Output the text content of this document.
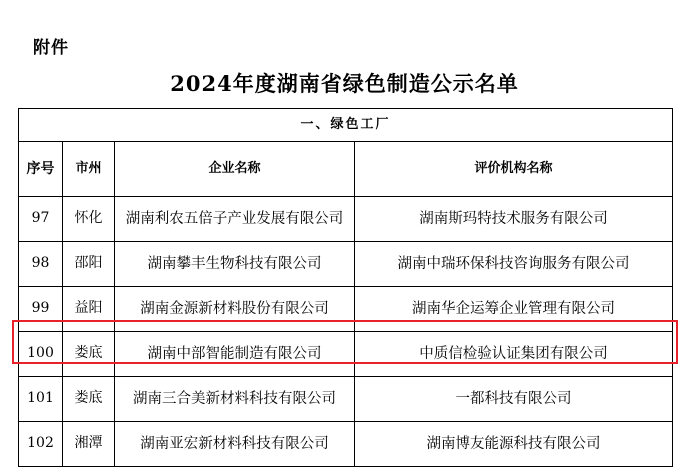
附件
2024年度湖南省绿色制造公示名单
一、绿色工厂			
序号	市州	企业名称	评价机构名称
97	怀化	湖南利农五倍子产业发展有限公司	湖南斯玛特技术服务有限公司
98	邵阳	湖南攀丰生物科技有限公司	湖南中瑞环保科技咨询服务有限公司
99	益阳	湖南金源新材料股份有限公司	湖南华企运筹企业管理有限公司
100	娄底	湖南中部智能制造有限公司	中质信检验认证集团有限公司
101	娄底	湖南三合美新材料科技有限公司	一都科技有限公司
102	湘潭	湖南亚宏新材料科技有限公司	湖南博友能源科技有限公司
